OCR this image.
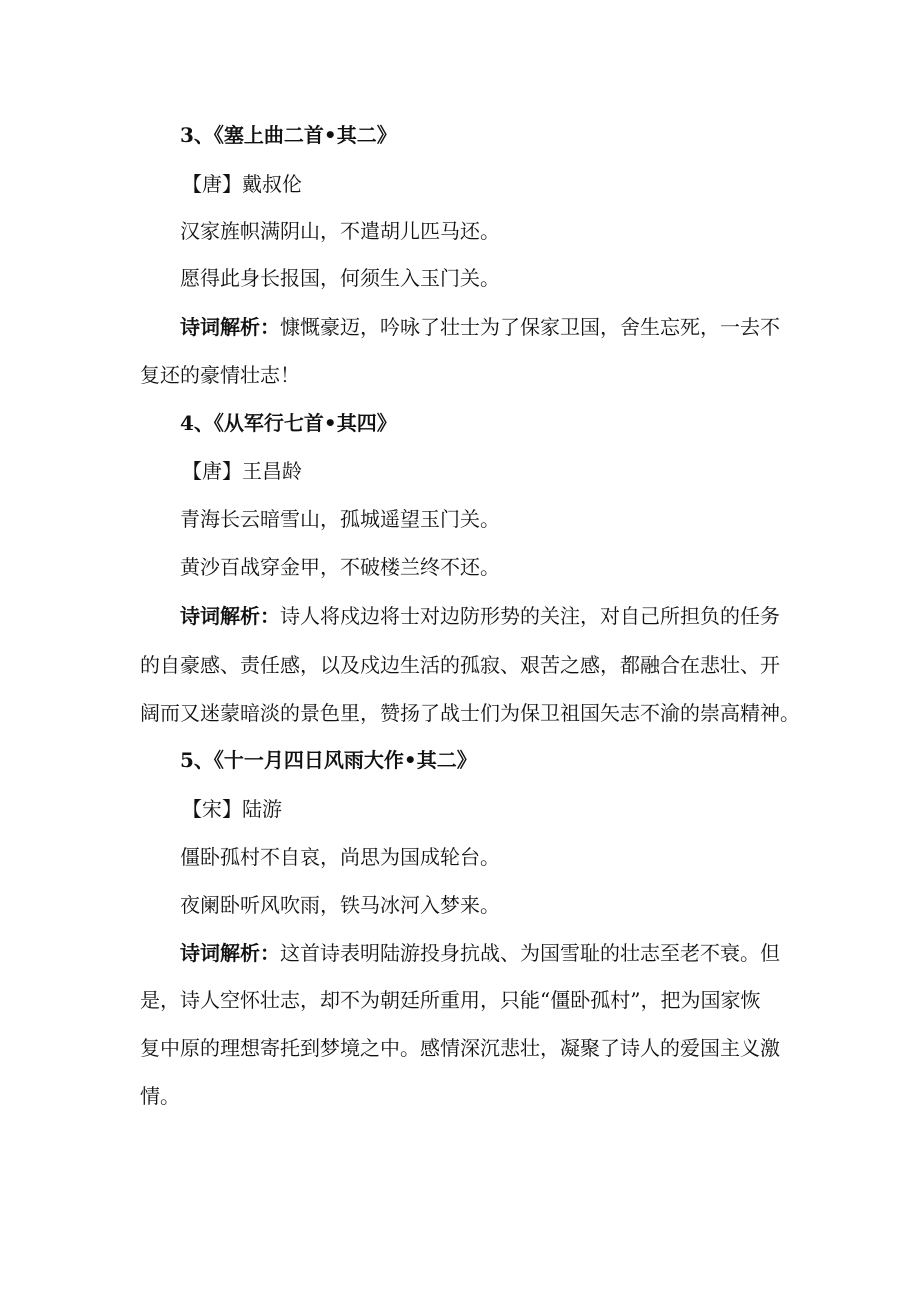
3、《塞上曲二首•其二》

【唐】戴叔伦

汉家旌帜满阴山，不遣胡儿匹马还。

愿得此身长报国，何须生入玉门关。

诗词解析：慷慨豪迈，吟咏了壮士为了保家卫国，舍生忘死，一去不

复还的豪情壮志！

4、《从军行七首•其四》

【唐】王昌龄

青海长云暗雪山，孤城遥望玉门关。

黄沙百战穿金甲，不破楼兰终不还。

诗词解析：诗人将戍边将士对边防形势的关注，对自己所担负的任务

的自豪感、责任感，以及戍边生活的孤寂、艰苦之感，都融合在悲壮、开

阔而又迷蒙暗淡的景色里，赞扬了战士们为保卫祖国矢志不渝的崇高精神。

5、《十一月四日风雨大作•其二》

【宋】陆游

僵卧孤村不自哀，尚思为国成轮台。

夜阑卧听风吹雨，铁马冰河入梦来。

诗词解析：这首诗表明陆游投身抗战、为国雪耻的壮志至老不衰。但

是，诗人空怀壮志，却不为朝廷所重用，只能“僵卧孤村”，把为国家恢

复中原的理想寄托到梦境之中。感情深沉悲壮，凝聚了诗人的爱国主义激

情。
